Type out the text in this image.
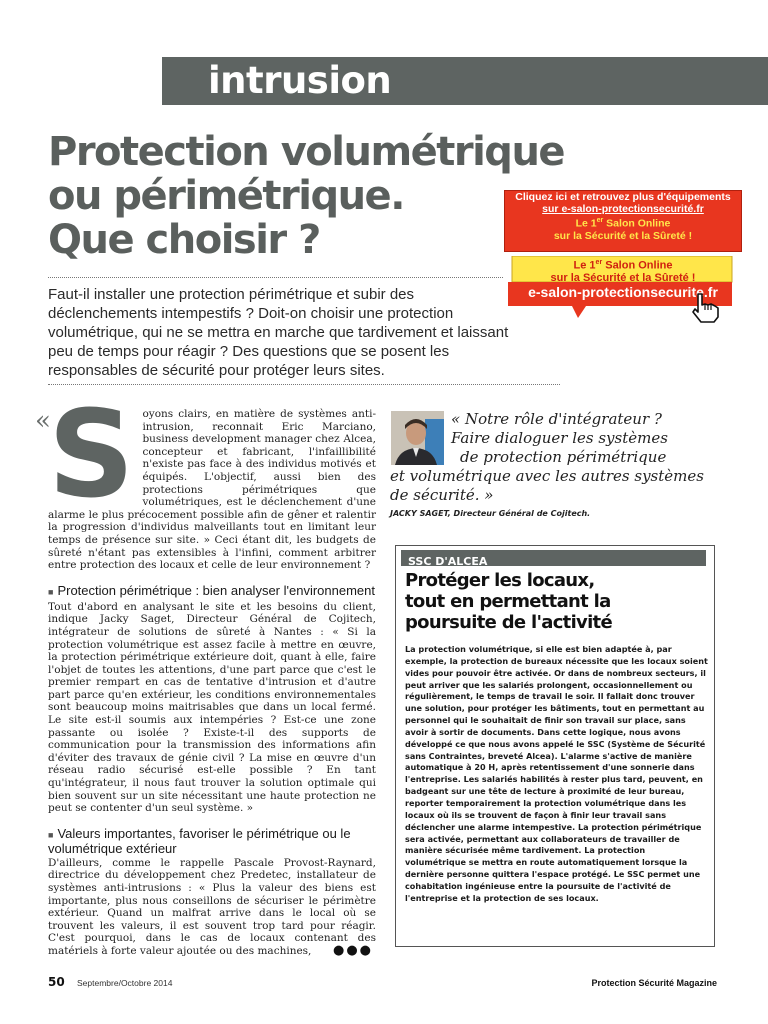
intrusion
Protection volumétrique
ou périmétrique.
Que choisir ?
Cliquez ici et retrouvez plus d'équipements
sur e-salon-protectionsecurité.fr
Le 1er Salon Online
sur la Sécurité et la Sûreté !
Le 1er Salon Online
sur la Sécurité et la Sûreté !
e-salon-protectionsecurite.fr

Faut-il installer une protection périmétrique et subir des déclenchements intempestifs ? Doit-on choisir une protection volumétrique, qui ne se mettra en marche que tardivement et laissant peu de temps pour réagir ? Des questions que se posent les responsables de sécurité pour protéger leurs sites.

«
S oyons clairs, en matière de systèmes anti-intrusion, reconnait Eric Marciano, business development manager chez Alcea, concepteur et fabricant, l'infaillibilité n'existe pas face à des individus motivés et équipés. L'objectif, aussi bien des protections périmétriques que volumétriques, est le déclenchement d'une alarme le plus précocement possible afin de gêner et ralentir la progression d'individus malveillants tout en limitant leur temps de présence sur site. » Ceci étant dit, les budgets de sûreté n'étant pas extensibles à l'infini, comment arbitrer entre protection des locaux et celle de leur environnement ?

■ Protection périmétrique : bien analyser l'environnement

Tout d'abord en analysant le site et les besoins du client, indique Jacky Saget, Directeur Général de Cojitech, intégrateur de solutions de sûreté à Nantes : « Si la protection volumétrique est assez facile à mettre en œuvre, la protection périmétrique extérieure doit, quant à elle, faire l'objet de toutes les attentions, d'une part parce que c'est le premier rempart en cas de tentative d'intrusion et d'autre part parce qu'en extérieur, les conditions environnementales sont beaucoup moins maitrisables que dans un local fermé. Le site est-il soumis aux intempéries ? Est-ce une zone passante ou isolée ? Existe-t-il des supports de communication pour la transmission des informations afin d'éviter des travaux de génie civil ? La mise en œuvre d'un réseau radio sécurisé est-elle possible ? En tant qu'intégrateur, il nous faut trouver la solution optimale qui bien souvent sur un site nécessitant une haute protection ne peut se contenter d'un seul système. »

■ Valeurs importantes, favoriser le périmétrique ou le volumétrique extérieur

D'ailleurs, comme le rappelle Pascale Provost-Raynard, directrice du développement chez Predetec, installateur de systèmes anti-intrusions : « Plus la valeur des biens est importante, plus nous conseillons de sécuriser le périmètre extérieur. Quand un malfrat arrive dans le local où se trouvent les valeurs, il est souvent trop tard pour réagir. C'est pourquoi, dans le cas de locaux contenant des matériels à forte valeur ajoutée ou des machines,	●●●
« Notre rôle d'intégrateur ?
Faire dialoguer les systèmes
de protection périmétrique
et volumétrique avec les autres systèmes
de sécurité. »
JACKY SAGET, Directeur Général de Cojitech.
SSC D'ALCEA
Protéger les locaux,
tout en permettant la
poursuite de l'activité

La protection volumétrique, si elle est bien adaptée à, par exemple, la protection de bureaux nécessite que les locaux soient vides pour pouvoir être activée. Or dans de nombreux secteurs, il peut arriver que les salariés prolongent, occasionnellement ou régulièrement, le temps de travail le soir. Il fallait donc trouver une solution, pour protéger les bâtiments, tout en permettant au personnel qui le souhaitait de finir son travail sur place, sans avoir à sortir de documents. Dans cette logique, nous avons développé ce que nous avons appelé le SSC (Système de Sécurité sans Contraintes, breveté Alcea). L'alarme s'active de manière automatique à 20 H, après retentissement d'une sonnerie dans l'entreprise. Les salariés habilités à rester plus tard, peuvent, en badgeant sur une tête de lecture à proximité de leur bureau, reporter temporairement la protection volumétrique dans les locaux où ils se trouvent de façon à finir leur travail sans déclencher une alarme intempestive. La protection périmétrique sera activée, permettant aux collaborateurs de travailler de manière sécurisée même tardivement. La protection volumétrique se mettra en route automatiquement lorsque la dernière personne quittera l'espace protégé. Le SSC permet une cohabitation ingénieuse entre la poursuite de l'activité de l'entreprise et la protection de ses locaux.

50 Septembre/Octobre 2014	Protection Sécurité Magazine
